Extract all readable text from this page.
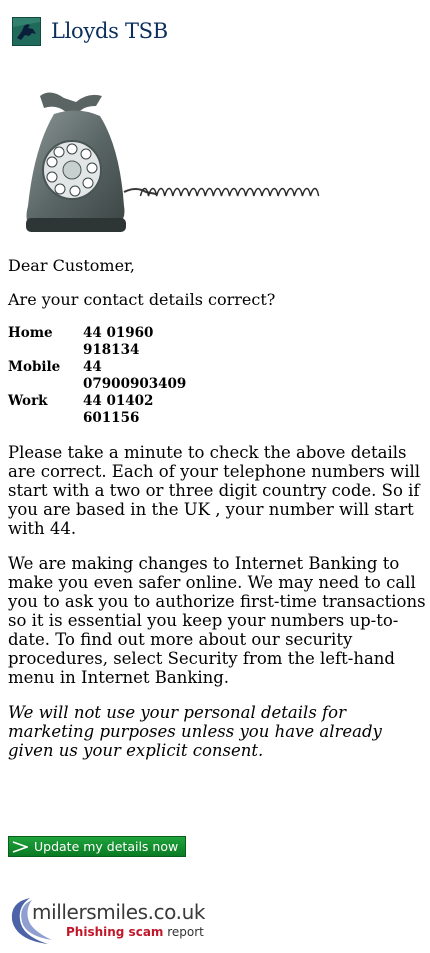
Lloyds TSB
Dear Customer,
Are your contact details correct?
Home	44 01960 918134
Mobile	44 07900903409
Work	44 01402 601156
Please take a minute to check the above details are correct. Each of your telephone numbers will start with a two or three digit country code. So if you are based in the UK , your number will start with 44.
We are making changes to Internet Banking to make you even safer online. We may need to call you to ask you to authorize first-time transactions so it is essential you keep your numbers up-to-date. To find out more about our security procedures, select Security from the left-hand menu in Internet Banking.
We will not use your personal details for marketing purposes unless you have already given us your explicit consent.
Update my details now
millersmiles.co.uk
Phishing scam report
